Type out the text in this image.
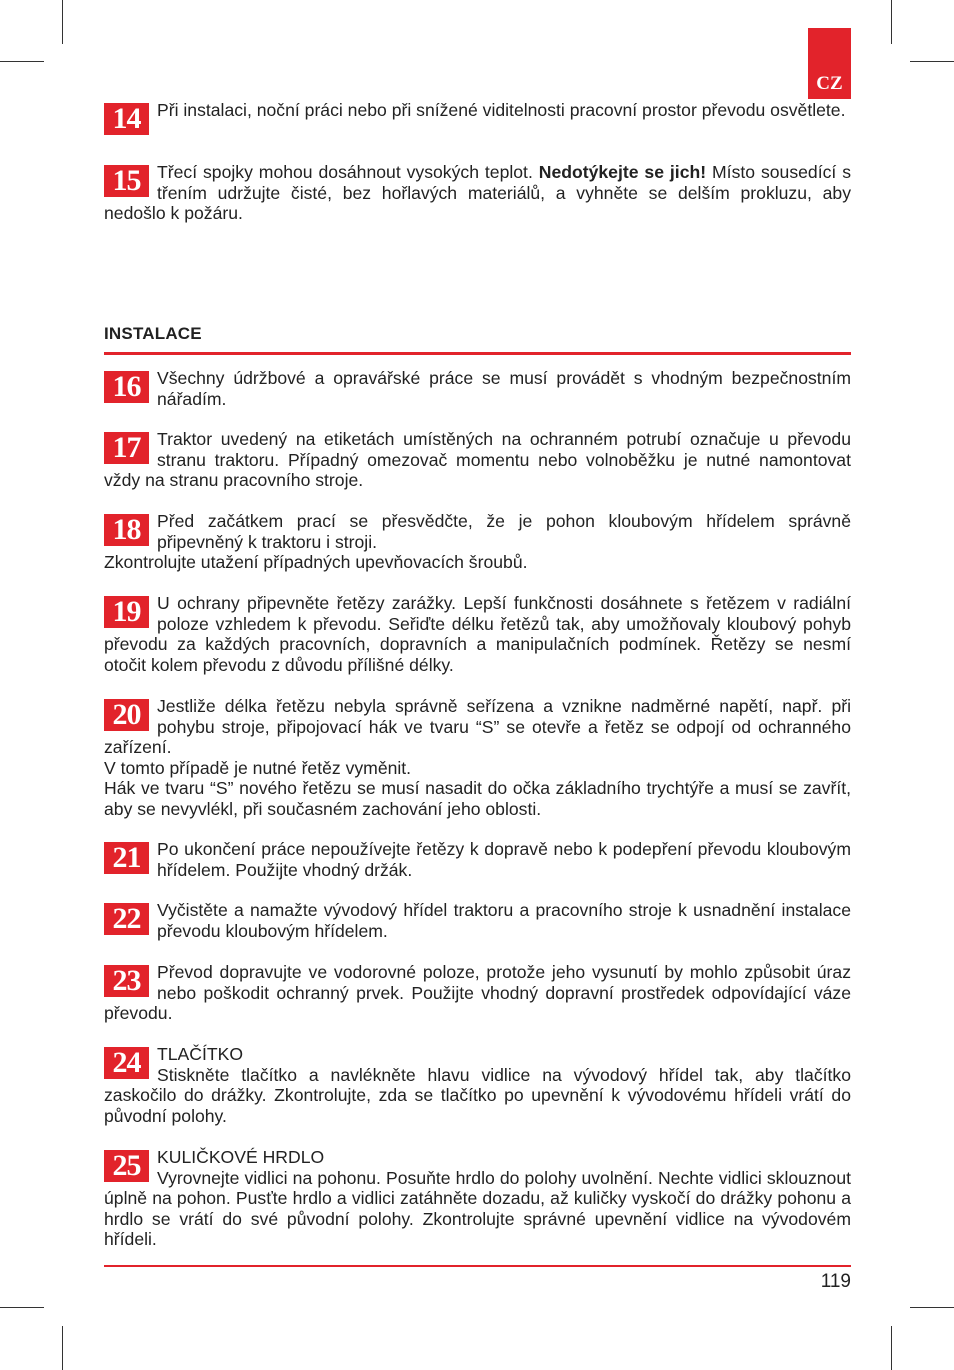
CZ
14 Při instalaci, noční práci nebo při snížené viditelnosti pracovní prostor převodu osvětlete.

15 Třecí spojky mohou dosáhnout vysokých teplot. Nedotýkejte se jich! Místo sousedící s třením udržujte čisté, bez hořlavých materiálů, a vyhněte se delším prokluzu, aby nedošlo k požáru.

INSTALACE
16 Všechny údržbové a opravářské práce se musí provádět s vhodným bezpečnostním nářadím.

17 Traktor uvedený na etiketách umístěných na ochranném potrubí označuje u převodu stranu traktoru. Případný omezovač momentu nebo volnoběžku je nutné namontovat vždy na stranu pracovního stroje.

18 Před začátkem prací se přesvědčte, že je pohon kloubovým hřídelem správně připevněný k traktoru i stroji.

Zkontrolujte utažení případných upevňovacích šroubů.

19 U ochrany připevněte řetězy zarážky. Lepší funkčnosti dosáhnete s řetězem v radiální poloze vzhledem k převodu. Seřiďte délku řetězů tak, aby umožňovaly kloubový pohyb převodu za každých pracovních, dopravních a manipulačních podmínek. Řetězy se nesmí otočit kolem převodu z důvodu přílišné délky.

20 Jestliže délka řetězu nebyla správně seřízena a vznikne nadměrné napětí, např. při pohybu stroje, připojovací hák ve tvaru “S” se otevře a řetěz se odpojí od ochranného zařízení.

V tomto případě je nutné řetěz vyměnit.

Hák ve tvaru “S” nového řetězu se musí nasadit do očka základního trychtýře a musí se zavřít, aby se nevyvlékl, při současném zachování jeho oblosti.

21 Po ukončení práce nepoužívejte řetězy k dopravě nebo k podepření převodu kloubovým hřídelem. Použijte vhodný držák.

22 Vyčistěte a namažte vývodový hřídel traktoru a pracovního stroje k usnadnění instalace převodu kloubovým hřídelem.

23 Převod dopravujte ve vodorovné poloze, protože jeho vysunutí by mohlo způsobit úraz nebo poškodit ochranný prvek. Použijte vhodný dopravní prostředek odpovídající váze převodu.

24 TLAČÍTKO

Stiskněte tlačítko a navlékněte hlavu vidlice na vývodový hřídel tak, aby tlačítko zaskočilo do drážky. Zkontrolujte, zda se tlačítko po upevnění k vývodovému hřídeli vrátí do původní polohy.

25 KULIČKOVÉ HRDLO

Vyrovnejte vidlici na pohonu. Posuňte hrdlo do polohy uvolnění. Nechte vidlici sklouznout úplně na pohon. Pusťte hrdlo a vidlici zatáhněte dozadu, až kuličky vyskočí do drážky pohonu a hrdlo se vrátí do své původní polohy. Zkontrolujte správné upevnění vidlice na vývodovém hřídeli.

119
